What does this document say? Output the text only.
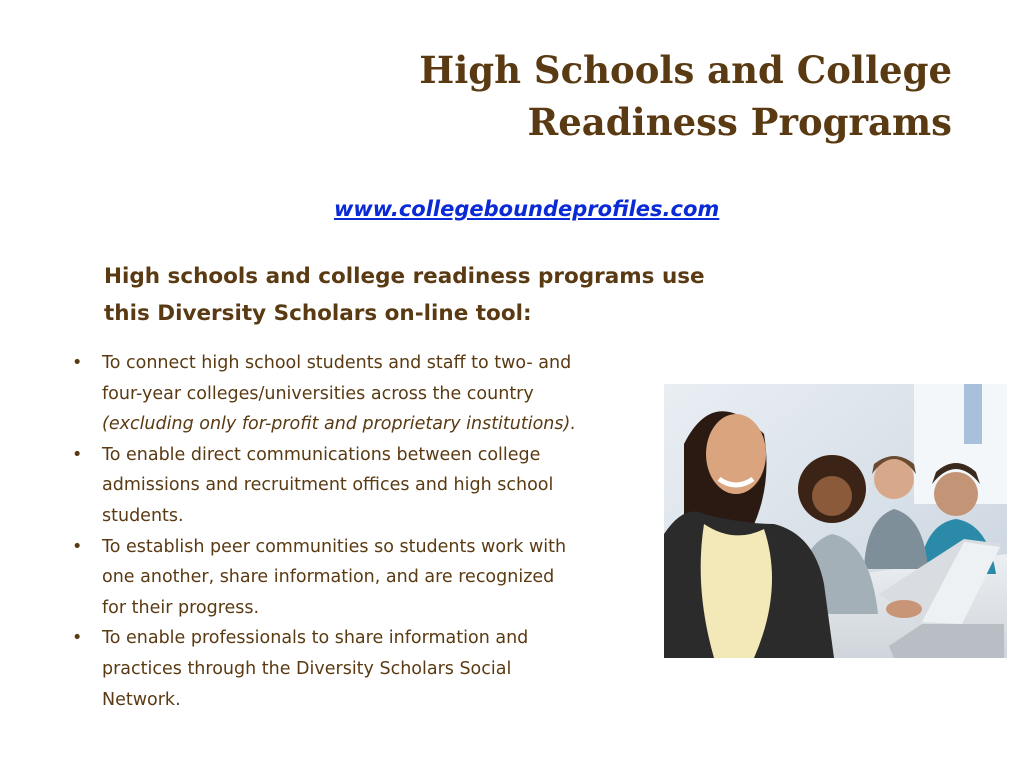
High Schools and College
Readiness Programs
www.collegeboundeprofiles.com

High schools and college readiness programs use
this Diversity Scholars on-line tool:

• To connect high school students and staff to two- and
four-year colleges/universities across the country
(excluding only for-profit and proprietary institutions).
• To enable direct communications between college
admissions and recruitment offices and high school
students.
• To establish peer communities so students work with
one another, share information, and are recognized
for their progress.
• To enable professionals to share information and
practices through the Diversity Scholars Social
Network.
